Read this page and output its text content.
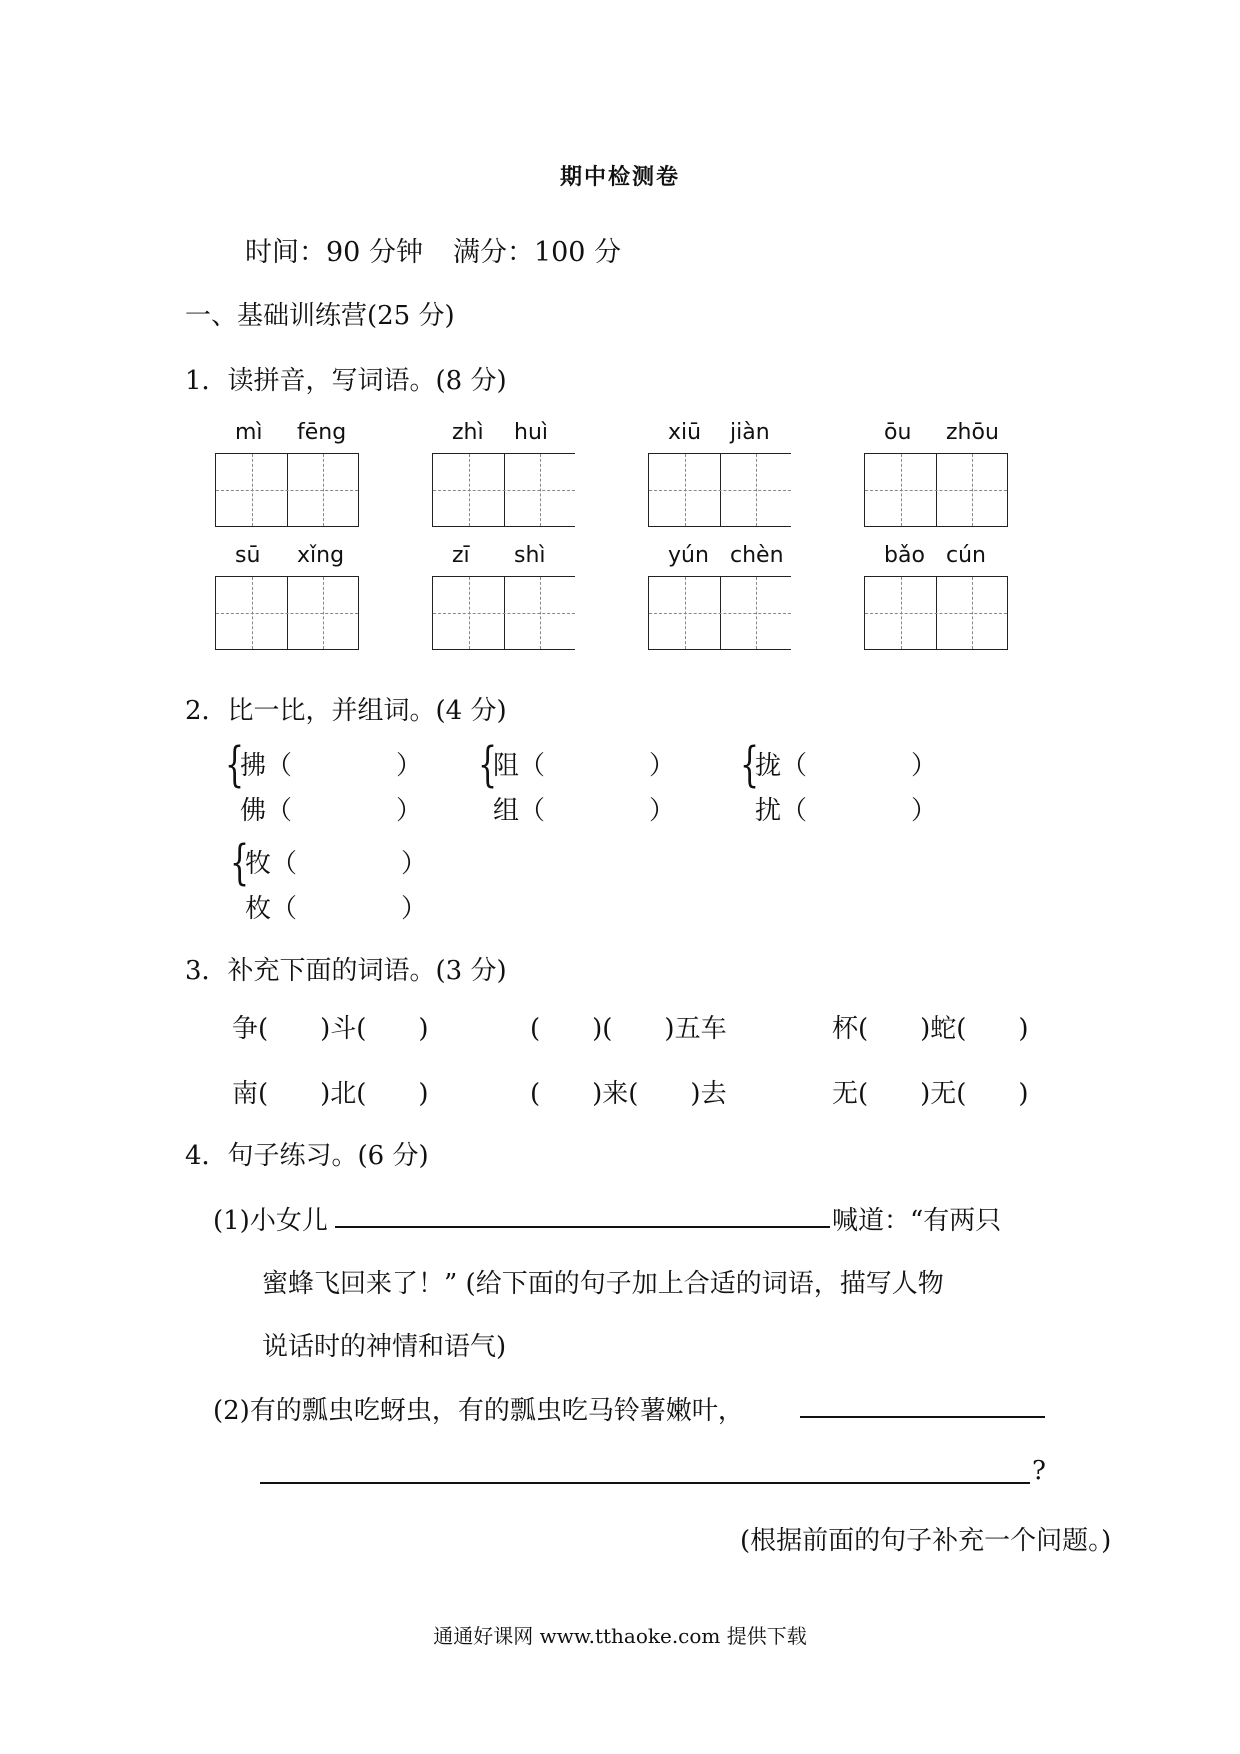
期中检测卷
时间：90 分钟 满分：100 分
一、基础训练营(25 分)
1．读拼音，写词语。(8 分)
mì fēng	zhì huì	xiū jiàn	ōu zhōu
sū xǐng	zī shì	yún chèn	bǎo cún
2．比一比，并组词。(4 分)
{
拂（　　　　）
佛（　　　　）
{
阻（　　　　）
组（　　　　）
{
拢（　　　　）
扰（　　　　）
{
牧（　　　　）
枚（　　　　）
3．补充下面的词语。(3 分)
争(　　)斗(　　)	(　　)(　　)五车	杯(　　)蛇(　　)
南(　　)北(　　)	(　　)来(　　)去	无(　　)无(　　)
4．句子练习。(6 分)
(1)小女儿	喊道：“有两只
蜜蜂飞回来了！” (给下面的句子加上合适的词语，描写人物
说话时的神情和语气)
(2)有的瓢虫吃蚜虫，有的瓢虫吃马铃薯嫩叶，
?
(根据前面的句子补充一个问题。)
通通好课网 www.tthaoke.com 提供下载
